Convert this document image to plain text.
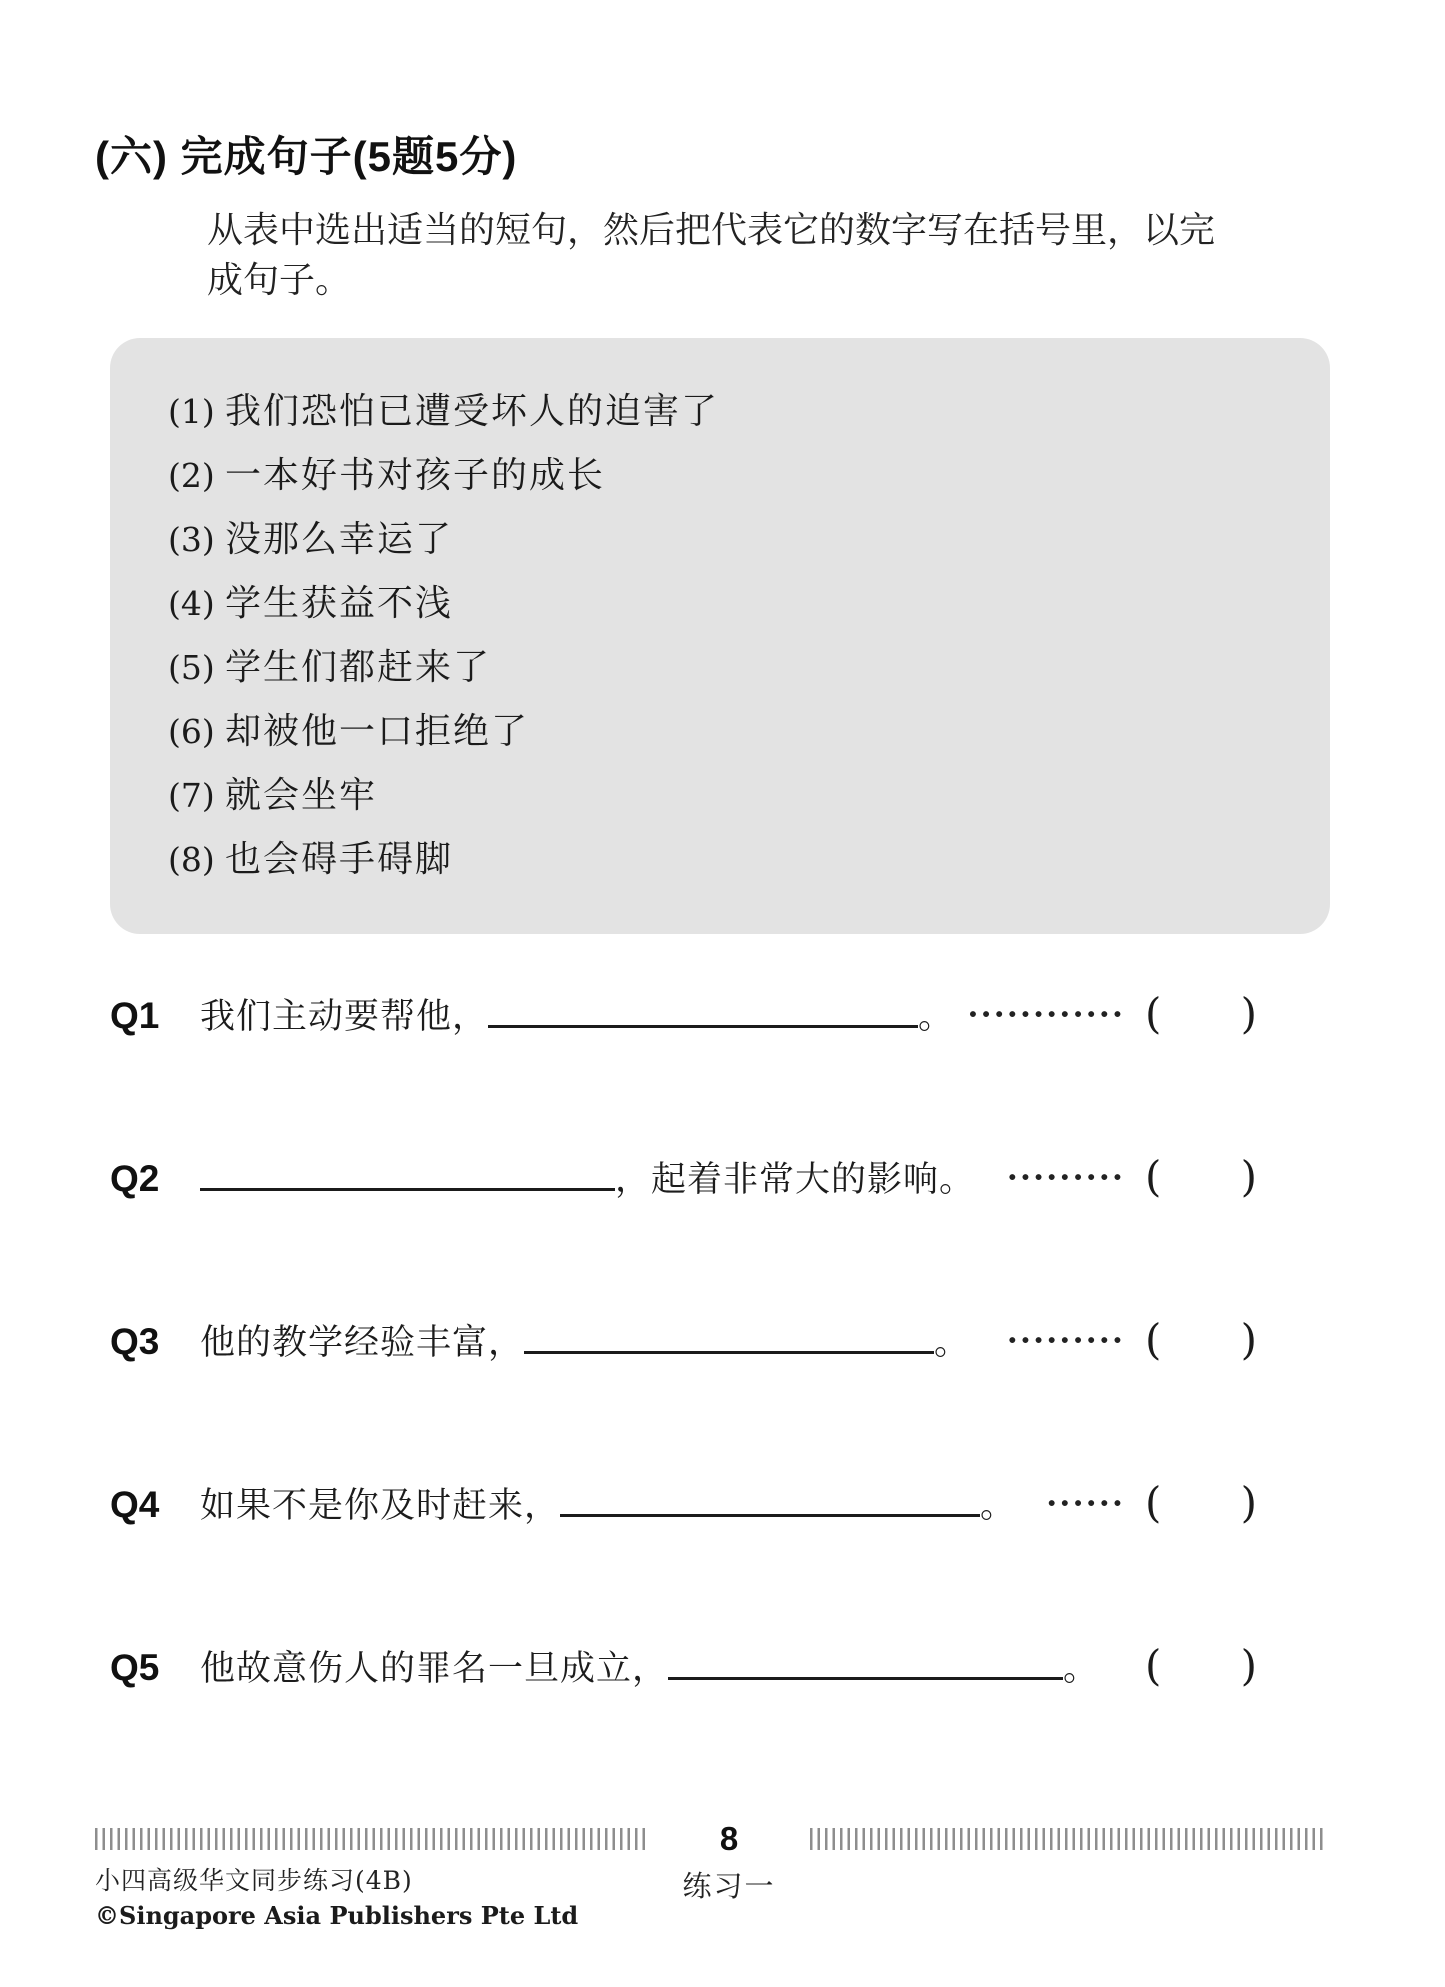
(六) 完成句子(5题5分)

从表中选出适当的短句，然后把代表它的数字写在括号里，以完成句子。

(1) 我们恐怕已遭受坏人的迫害了
(2) 一本好书对孩子的成长
(3) 没那么幸运了
(4) 学生获益不浅
(5) 学生们都赶来了
(6) 却被他一口拒绝了
(7) 就会坐牢
(8) 也会碍手碍脚
Q1	我们主动要帮他，	。 ············ ( )
Q2	，起着非常大的影响。 ········· ( )
Q3	他的教学经验丰富，	。 ········· ( )
Q4	如果不是你及时赶来，	。 ······ ( )
Q5	他故意伤人的罪名一旦成立，	。 ( )
8
练习一
小四高级华文同步练习(4B)
©Singapore Asia Publishers Pte Ltd
